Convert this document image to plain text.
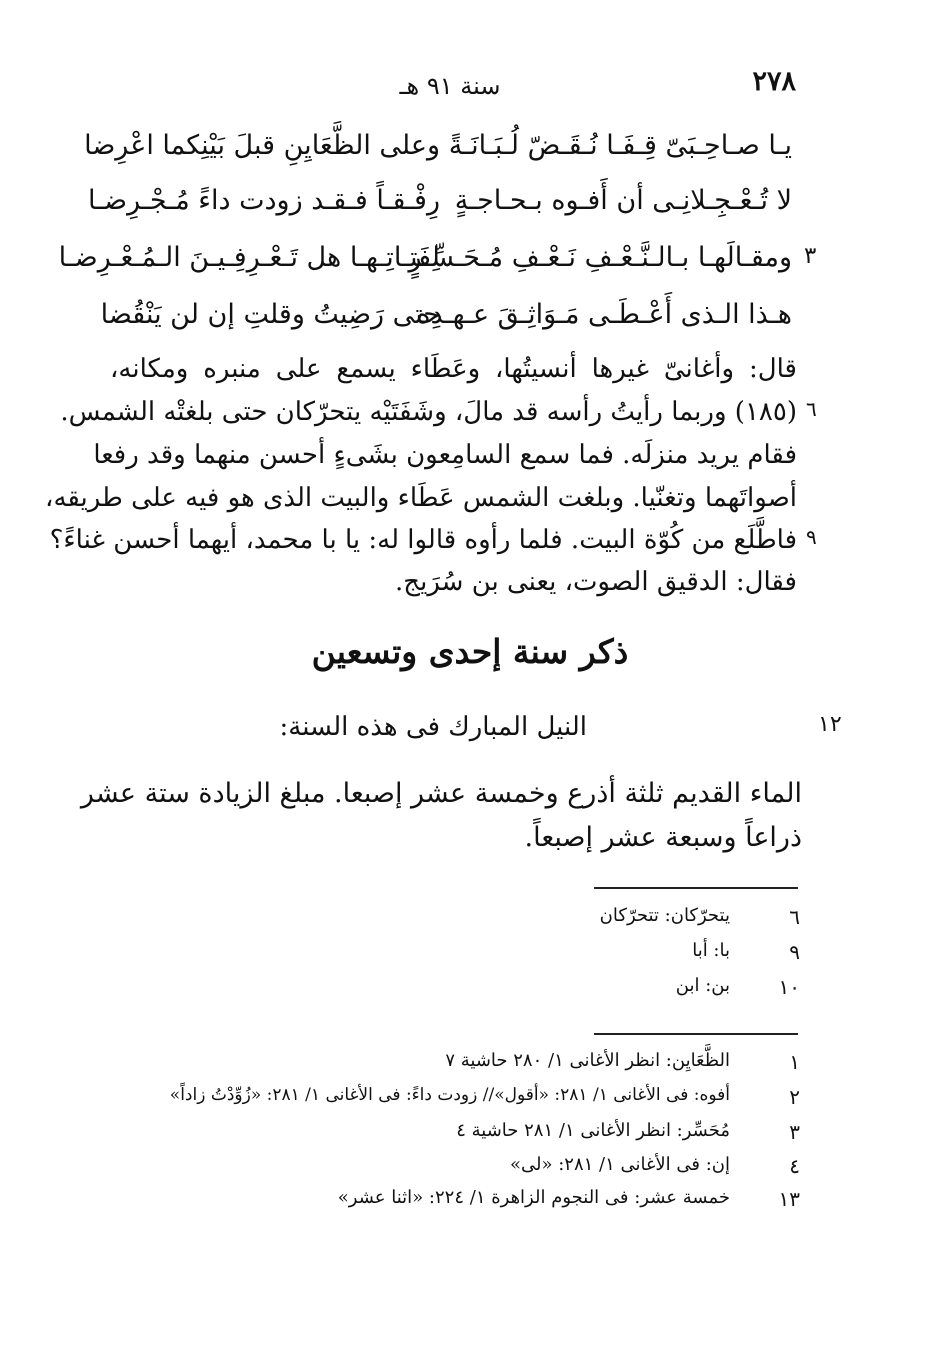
٢٧٨
سنة ٩١ هـ
يـا صـاحِـبَىّ قِـفَـا نُـقَـضّ لُـبَـانَـةً
وعلى الظَّعَايِنِ قبلَ بَيْنِكما اعْرِضا
لا تُـعْـجِـلانِـى أن أَفـوه بـحـاجـةٍ
رِفْـقـاً فـقـد زودت داءً مُـجْـرِضـا
٣
ومقـالَهـا بـالـنَّـعْـفِ نَـعْـفِ مُـحَـسِّـرٍ
لِفَتـاتِـهـا هل تَـعْـرِفِـيـنَ الـمُـعْـرِضـا
هـذا الـذى أَعْـطَـى مَـوَاثِـقَ عـهـدِه
حتى رَضِيتُ وقلتِ إن لن يَنْقُضا
قال: وأغانىّ غيرها أنسيتُها، وعَطَاء يسمع على منبره ومكانه،
٦
(١٨٥) وربما رأيتُ رأسه قد مالَ، وشَفَتَيْه يتحرّكان حتى بلغتْه الشمس.
فقام يريد منزلَه. فما سمع السامِعون بشَىءٍ أحسن منهما وقد رفعا
أصواتَهما وتغنّيا. وبلغت الشمس عَطَاء والبيت الذى هو فيه على طريقه،
٩
فاطَّلَع من كُوّة البيت. فلما رأوه قالوا له: يا با محمد، أيهما أحسن غناءً؟
فقال: الدقيق الصوت، يعنى بن سُرَيج.
ذكر سنة إحدى وتسعين
١٢
النيل المبارك فى هذه السنة:
الماء القديم ثلثة أذرع وخمسة عشر إصبعا. مبلغ الزيادة ستة عشر
ذراعاً وسبعة عشر إصبعاً.
٦
يتحرّكان: تتحرّكان
٩
با: أبا
١٠
بن: ابن
١
الظَّعَايِن: انظر الأغانى ١/ ٢٨٠ حاشية ٧
٢
أفوه: فى الأغانى ١/ ٢٨١: «أقول»// زودت داءً: فى الأغانى ١/ ٢٨١: «زُوِّدْتُ زاداً»
٣
مُحَسِّر: انظر الأغانى ١/ ٢٨١ حاشية ٤
٤
إن: فى الأغانى ١/ ٢٨١: «لى»
١٣
خمسة عشر: فى النجوم الزاهرة ١/ ٢٢٤: «اثنا عشر»
